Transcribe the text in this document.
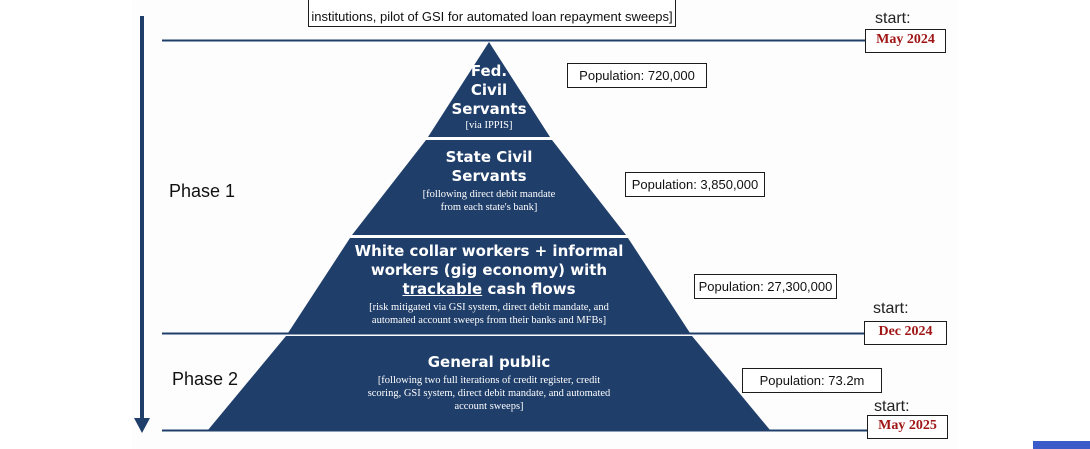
institutions, pilot of GSI for automated loan repayment sweeps]
Phase 1
Phase 2
start:
May 2024
start:
Dec 2024
start:
May 2025
Population: 720,000
Population: 3,850,000
Population: 27,300,000
Population: 73.2m
Fed.
Civil
Servants
[via IPPIS]
State Civil
Servants
[following direct debit mandate
from each state's bank]
White collar workers + informal
workers (gig economy) with
trackable cash flows
[risk mitigated via GSI system, direct debit mandate, and
automated account sweeps from their banks and MFBs]
General public
[following two full iterations of credit register, credit
scoring, GSI system, direct debit mandate, and automated
account sweeps]
